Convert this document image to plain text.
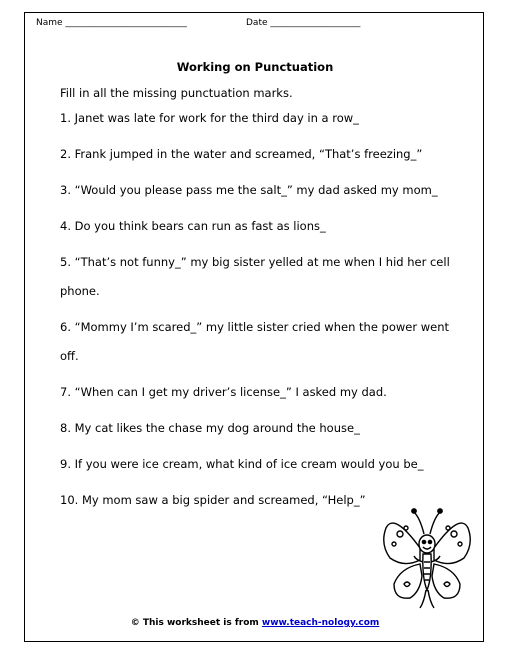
Name ___________________________	Date ____________________
Working on Punctuation
Fill in all the missing punctuation marks.
1. Janet was late for work for the third day in a row_
2. Frank jumped in the water and screamed, “That’s freezing_”
3. “Would you please pass me the salt_” my dad asked my mom_
4. Do you think bears can run as fast as lions_
5. “That’s not funny_” my big sister yelled at me when I hid her cell phone.
6. “Mommy I’m scared_” my little sister cried when the power went off.
7. “When can I get my driver’s license_” I asked my dad.
8. My cat likes the chase my dog around the house_
9. If you were ice cream, what kind of ice cream would you be_
10. My mom saw a big spider and screamed, “Help_”
© This worksheet is from www.teach-nology.com
